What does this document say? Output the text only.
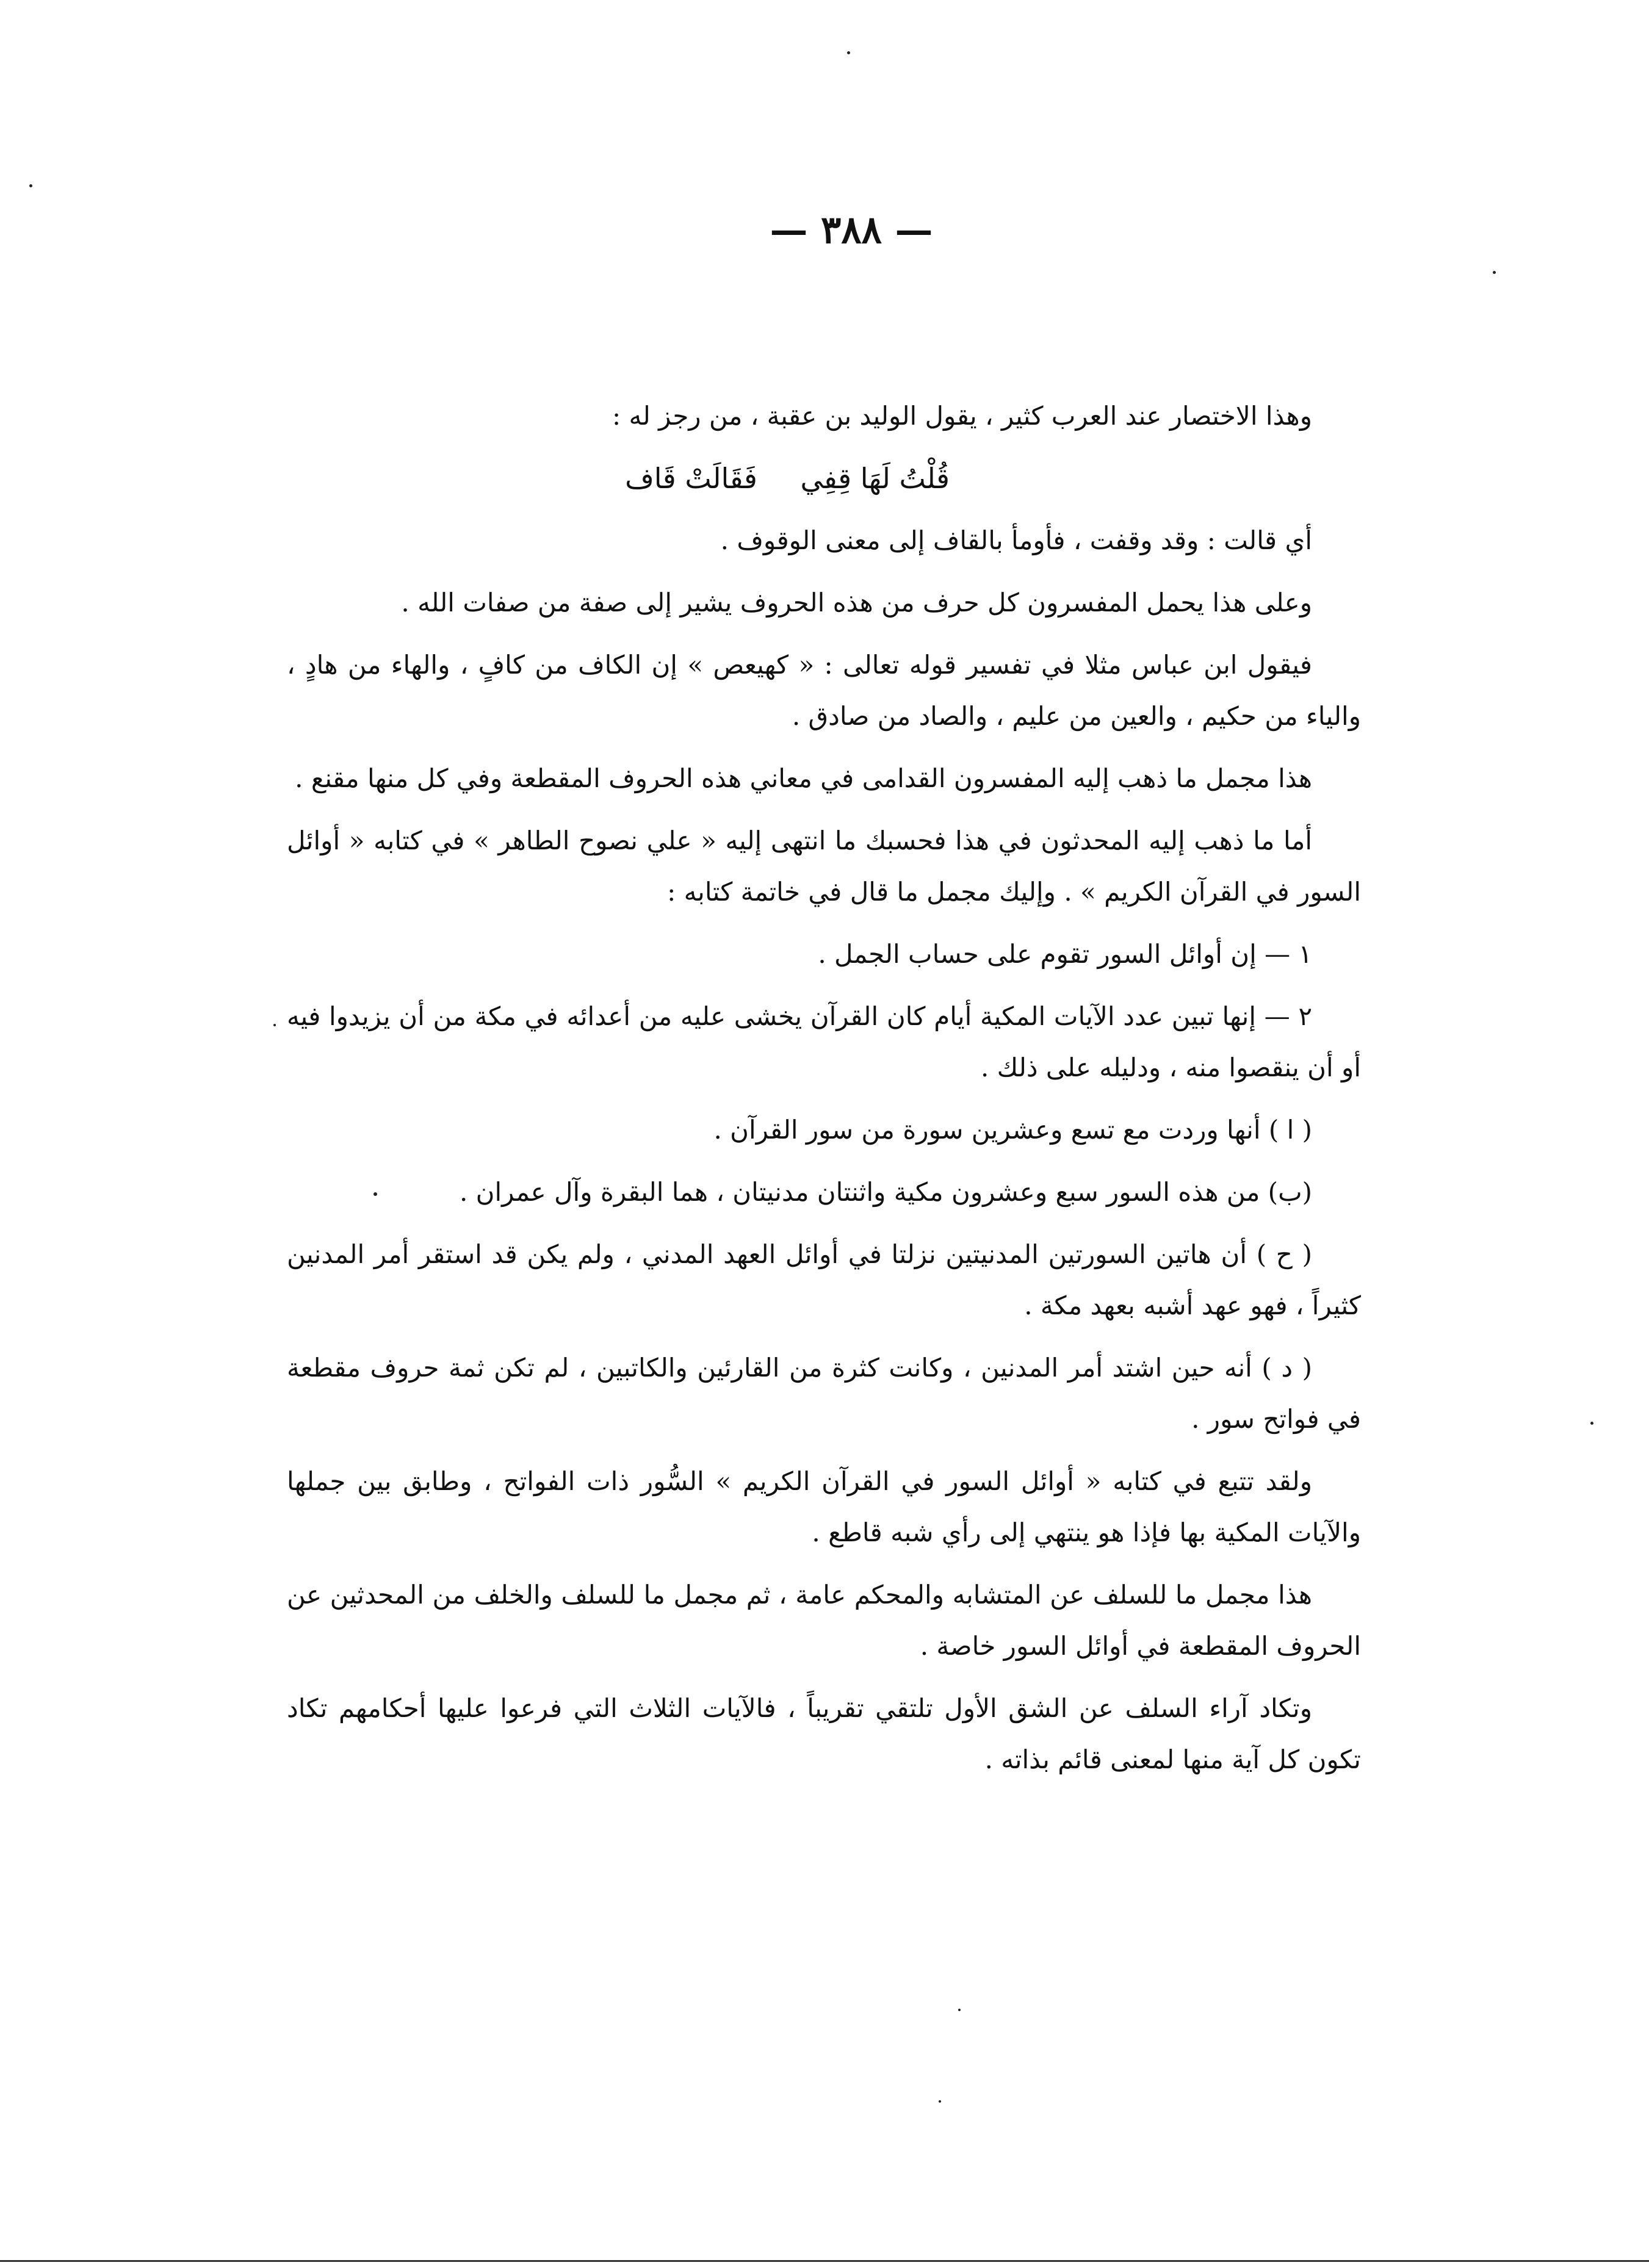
— ٣٨٨ —

وهذا الاختصار عند العرب كثير ، يقول الوليد بن عقبة ، من رجز له :

قُلْتُ لَهَا قِفِي فَقَالَتْ قَاف

أي قالت : وقد وقفت ، فأومأ بالقاف إلى معنى الوقوف .

وعلى هذا يحمل المفسرون كل حرف من هذه الحروف يشير إلى صفة من صفات الله .

فيقول ابن عباس مثلا في تفسير قوله تعالى : « كهيعص » إن الكاف من كافٍ ، والهاء من هادٍ ، والياء من حكيم ، والعين من عليم ، والصاد من صادق .

هذا مجمل ما ذهب إليه المفسرون القدامى في معاني هذه الحروف المقطعة وفي كل منها مقنع .

أما ما ذهب إليه المحدثون في هذا فحسبك ما انتهى إليه « علي نصوح الطاهر » في كتابه « أوائل السور في القرآن الكريم » . وإليك مجمل ما قال في خاتمة كتابه :

١ — إن أوائل السور تقوم على حساب الجمل .

٢ — إنها تبين عدد الآيات المكية أيام كان القرآن يخشى عليه من أعدائه في مكة من أن يزيدوا فيه أو أن ينقصوا منه ، ودليله على ذلك .

( ا ) أنها وردت مع تسع وعشرين سورة من سور القرآن .

(ب) من هذه السور سبع وعشرون مكية واثنتان مدنيتان ، هما البقرة وآل عمران .

( ح ) أن هاتين السورتين المدنيتين نزلتا في أوائل العهد المدني ، ولم يكن قد استقر أمر المدنين كثيراً ، فهو عهد أشبه بعهد مكة .

( د ) أنه حين اشتد أمر المدنين ، وكانت كثرة من القارئين والكاتبين ، لم تكن ثمة حروف مقطعة في فواتح سور .

ولقد تتبع في كتابه « أوائل السور في القرآن الكريم » السُّور ذات الفواتح ، وطابق بين جملها والآيات المكية بها فإذا هو ينتهي إلى رأي شبه قاطع .

هذا مجمل ما للسلف عن المتشابه والمحكم عامة ، ثم مجمل ما للسلف والخلف من المحدثين عن الحروف المقطعة في أوائل السور خاصة .

وتكاد آراء السلف عن الشق الأول تلتقي تقريباً ، فالآيات الثلاث التي فرعوا عليها أحكامهم تكاد تكون كل آية منها لمعنى قائم بذاته .
